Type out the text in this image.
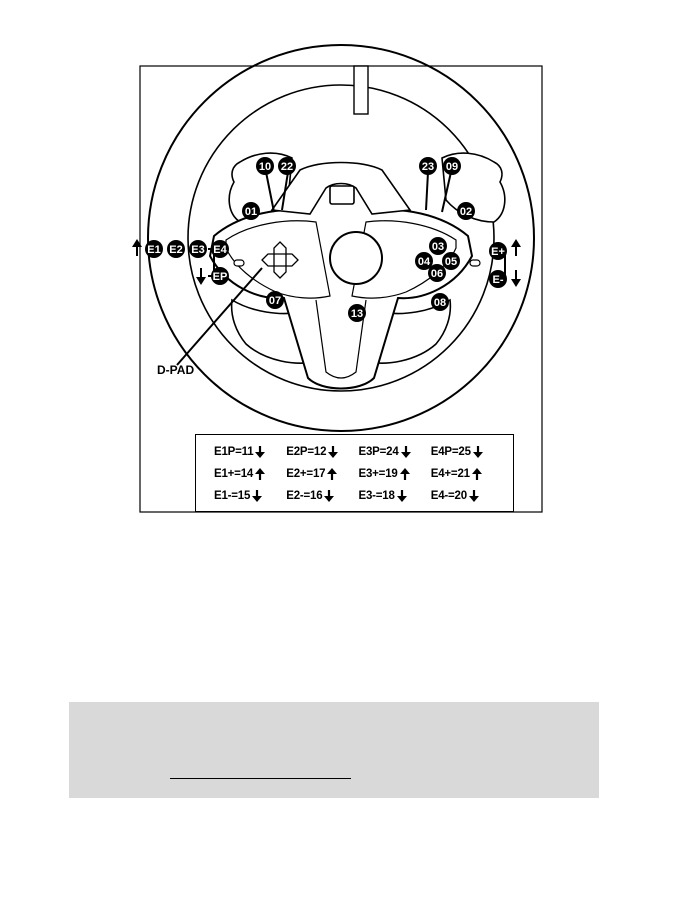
10 22	23 09
01	02
03
04 05
06
07	08
13
E1 E2 E3 E4
EP
E+
E-
D-PAD
E1P=11	E2P=12	E3P=24	E4P=25
E1+=14	E2+=17	E3+=19	E4+=21
E1-=15	E2-=16	E3-=18	E4-=20
